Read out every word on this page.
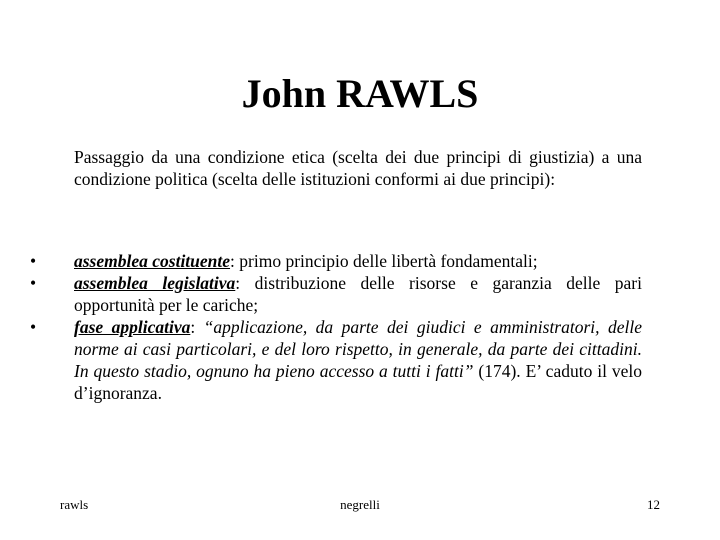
John RAWLS
Passaggio da una condizione etica (scelta dei due principi di giustizia) a una condizione politica (scelta delle istituzioni conformi ai due principi):
•	assemblea costituente: primo principio delle libertà fondamentali;
•	assemblea legislativa: distribuzione delle risorse e garanzia delle pari opportunità per le cariche;
•	fase applicativa: “applicazione, da parte dei giudici e amministratori, delle norme ai casi particolari, e del loro rispetto, in generale, da parte dei cittadini. In questo stadio, ognuno ha pieno accesso a tutti i fatti” (174). E’ caduto il velo d’ignoranza.
rawls	negrelli	12
